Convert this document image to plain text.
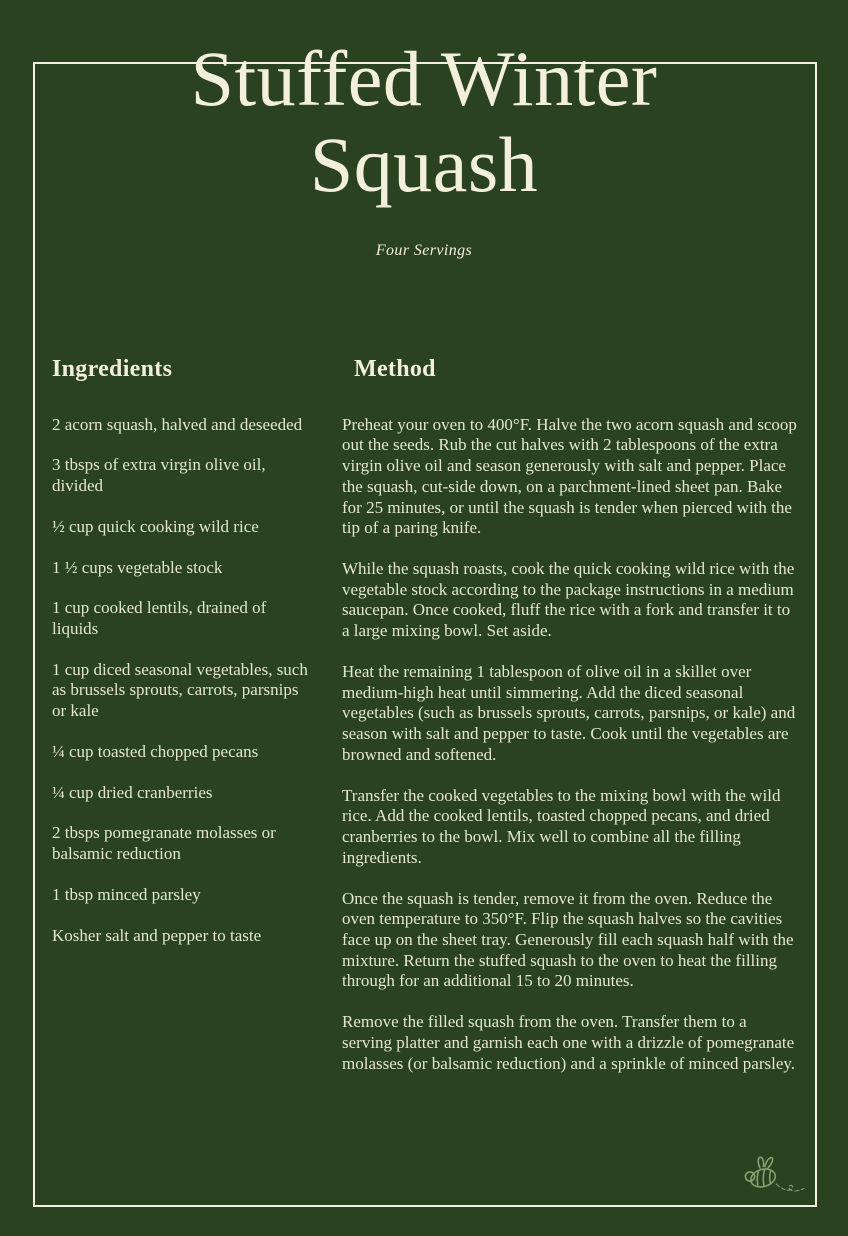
Stuffed Winter Squash
Four Servings
Ingredients

2 acorn squash, halved and deseeded

3 tbsps of extra virgin olive oil, divided

½ cup quick cooking wild rice

1 ½ cups vegetable stock

1 cup cooked lentils, drained of liquids

1 cup diced seasonal vegetables, such as brussels sprouts, carrots, parsnips or kale

¼ cup toasted chopped pecans

¼ cup dried cranberries

2 tbsps pomegranate molasses or balsamic reduction

1 tbsp minced parsley

Kosher salt and pepper to taste

Method

Preheat your oven to 400°F. Halve the two acorn squash and scoop out the seeds. Rub the cut halves with 2 tablespoons of the extra virgin olive oil and season generously with salt and pepper. Place the squash, cut-side down, on a parchment-lined sheet pan. Bake for 25 minutes, or until the squash is tender when pierced with the tip of a paring knife.

While the squash roasts, cook the quick cooking wild rice with the vegetable stock according to the package instructions in a medium saucepan. Once cooked, fluff the rice with a fork and transfer it to a large mixing bowl. Set aside.

Heat the remaining 1 tablespoon of olive oil in a skillet over medium-high heat until simmering. Add the diced seasonal vegetables (such as brussels sprouts, carrots, parsnips, or kale) and season with salt and pepper to taste. Cook until the vegetables are browned and softened.

Transfer the cooked vegetables to the mixing bowl with the wild rice. Add the cooked lentils, toasted chopped pecans, and dried cranberries to the bowl. Mix well to combine all the filling ingredients.

Once the squash is tender, remove it from the oven. Reduce the oven temperature to 350°F. Flip the squash halves so the cavities face up on the sheet tray. Generously fill each squash half with the mixture. Return the stuffed squash to the oven to heat the filling through for an additional 15 to 20 minutes.

Remove the filled squash from the oven. Transfer them to a serving platter and garnish each one with a drizzle of pomegranate molasses (or balsamic reduction) and a sprinkle of minced parsley.
